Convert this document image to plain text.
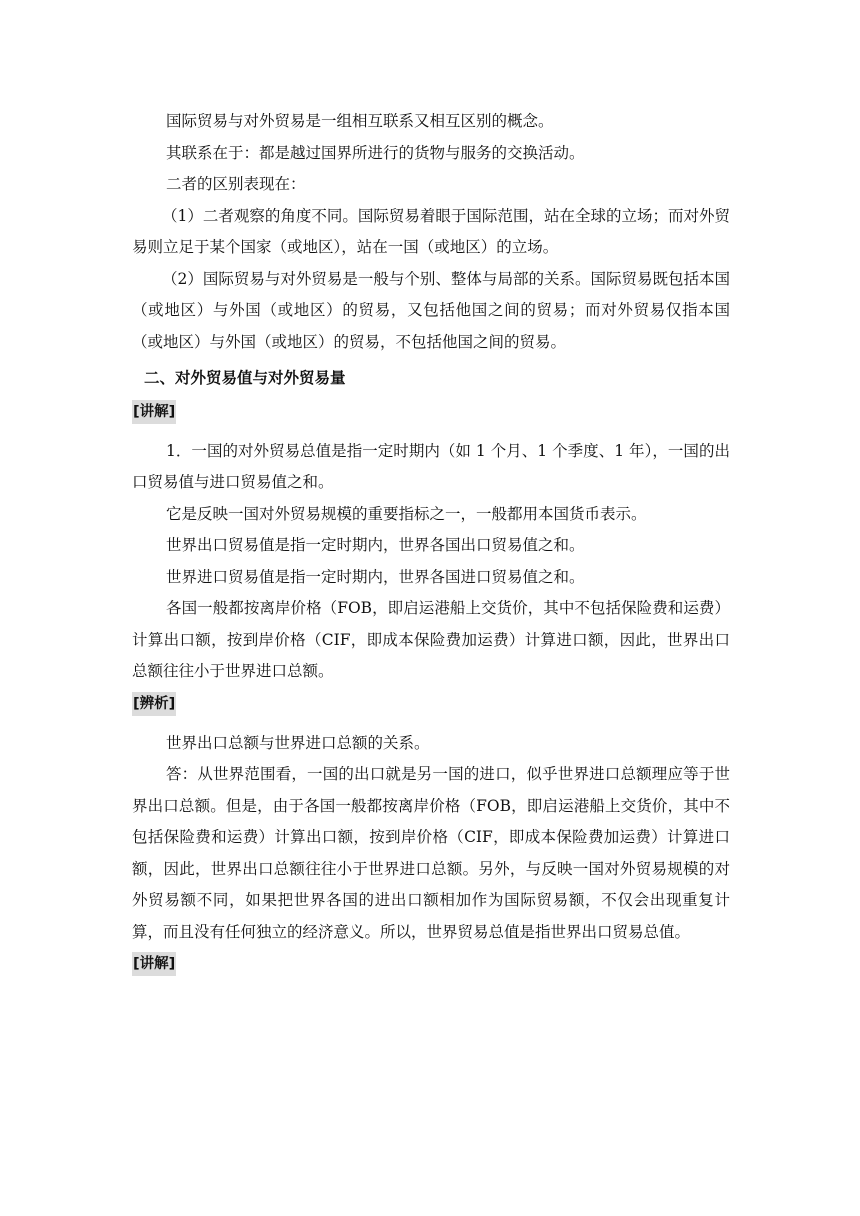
国际贸易与对外贸易是一组相互联系又相互区别的概念。

其联系在于：都是越过国界所进行的货物与服务的交换活动。

二者的区别表现在：

（1）二者观察的角度不同。国际贸易着眼于国际范围，站在全球的立场；而对外贸易则立足于某个国家（或地区），站在一国（或地区）的立场。

（2）国际贸易与对外贸易是一般与个别、整体与局部的关系。国际贸易既包括本国（或地区）与外国（或地区）的贸易，又包括他国之间的贸易；而对外贸易仅指本国（或地区）与外国（或地区）的贸易，不包括他国之间的贸易。

二、对外贸易值与对外贸易量

[讲解]

1．一国的对外贸易总值是指一定时期内（如 1 个月、1 个季度、1 年），一国的出口贸易值与进口贸易值之和。

它是反映一国对外贸易规模的重要指标之一，一般都用本国货币表示。

世界出口贸易值是指一定时期内，世界各国出口贸易值之和。

世界进口贸易值是指一定时期内，世界各国进口贸易值之和。

各国一般都按离岸价格（FOB，即启运港船上交货价，其中不包括保险费和运费）计算出口额，按到岸价格（CIF，即成本保险费加运费）计算进口额，因此，世界出口总额往往小于世界进口总额。

[辨析]

世界出口总额与世界进口总额的关系。

答：从世界范围看，一国的出口就是另一国的进口，似乎世界进口总额理应等于世界出口总额。但是，由于各国一般都按离岸价格（FOB，即启运港船上交货价，其中不包括保险费和运费）计算出口额，按到岸价格（CIF，即成本保险费加运费）计算进口额，因此，世界出口总额往往小于世界进口总额。另外，与反映一国对外贸易规模的对外贸易额不同，如果把世界各国的进出口额相加作为国际贸易额，不仅会出现重复计算，而且没有任何独立的经济意义。所以，世界贸易总值是指世界出口贸易总值。

[讲解]
